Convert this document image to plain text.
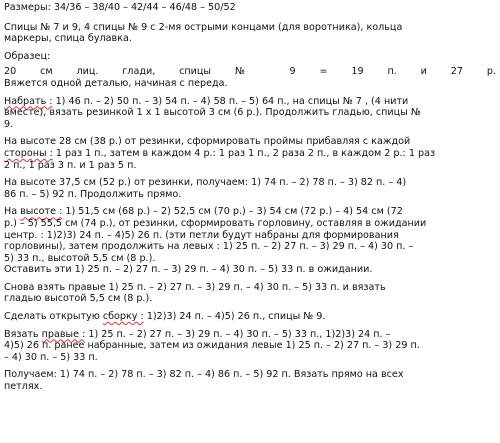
Размеры: 34/36 – 38/40 – 42/44 – 46/48 – 50/52

Спицы № 7 и 9, 4 спицы № 9 с 2-мя острыми концами (для воротника), кольца

маркеры, спица булавка.

Образец:

20 см лиц. глади, спицы № 9 = 19 п. и 27 р.

Вяжется одной деталью, начиная с переда.

Набрать : 1) 46 п. – 2) 50 п. – 3) 54 п. – 4) 58 п. – 5) 64 п., на спицы № 7 , (4 нити

вместе), вязать резинкой 1 х 1 высотой 3 см (6 р.). Продолжить гладью, спицы №

9.

На высоте 28 см (38 р.) от резинки, сформировать проймы прибавляя с каждой

стороны : 1 раз 1 п., затем в каждом 4 р.: 1 раз 1 п., 2 раза 2 п., в каждом 2 р.: 1 раз

2 п., 1 раз 3 п. и 1 раз 5 п.

На высоте 37,5 см (52 р.) от резинки, получаем: 1) 74 п. – 2) 78 п. – 3) 82 п. – 4)

86 п. – 5) 92 п. Продолжить прямо.

На высоте : 1) 51,5 см (68 р.) – 2) 52,5 см (70 р.) – 3) 54 см (72 р.) – 4) 54 см (72

р.) – 5) 55,5 см (74 р.), от резинки, сформировать горловину, оставляя в ожидании

центр. : 1)2)3) 24 п. – 4)5) 26 п. (эти петли будут набраны для формирования

горловины), затем продолжить на левых : 1) 25 п. – 2) 27 п. – 3) 29 п. – 4) 30 п. –

5) 33 п., высотой 5,5 см (8 р.).

Оставить эти 1) 25 п. – 2) 27 п. – 3) 29 п. – 4) 30 п. – 5) 33 п. в ожидании.

Снова взять правые 1) 25 п. – 2) 27 п. – 3) 29 п. – 4) 30 п. – 5) 33 п. и вязать

гладью высотой 5,5 см (8 р.).

Сделать открытую сборку : 1)2)3) 24 п. – 4)5) 26 п., спицы № 9.

Вязать правые : 1) 25 п. – 2) 27 п. – 3) 29 п. – 4) 30 п. – 5) 33 п., 1)2)3) 24 п. –

4)5) 26 п. ранее набранные, затем из ожидания левые 1) 25 п. – 2) 27 п. – 3) 29 п.

– 4) 30 п. – 5) 33 п.

Получаем: 1) 74 п. – 2) 78 п. – 3) 82 п. – 4) 86 п. – 5) 92 п. Вязать прямо на всех

петлях.
